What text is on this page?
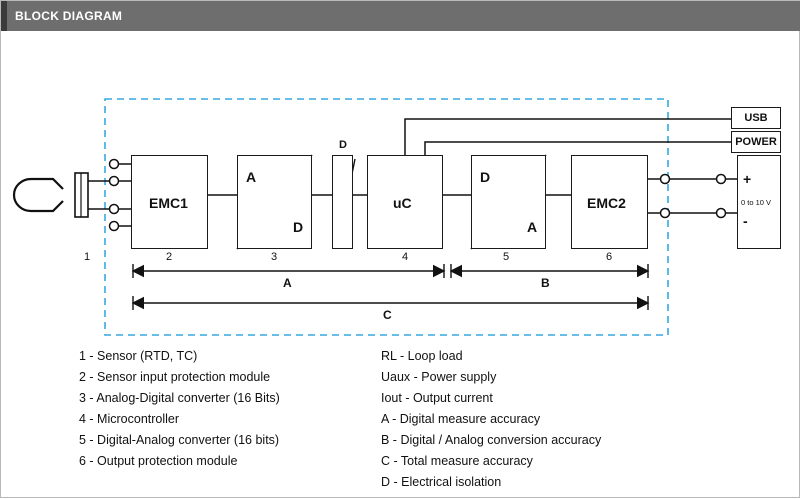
BLOCK DIAGRAM
EMC1
2
A
D
3
D
uC
4
D
A
5
EMC2
6
1
USB
POWER
+
0 to 10 V
-
A	B
C
1 - Sensor (RTD, TC)
2 - Sensor input protection module
3 - Analog-Digital converter (16 Bits)
4 - Microcontroller
5 - Digital-Analog converter (16 bits)
6 - Output protection module
RL - Loop load
Uaux - Power supply
Iout - Output current
A - Digital measure accuracy
B - Digital / Analog conversion accuracy
C - Total measure accuracy
D - Electrical isolation
